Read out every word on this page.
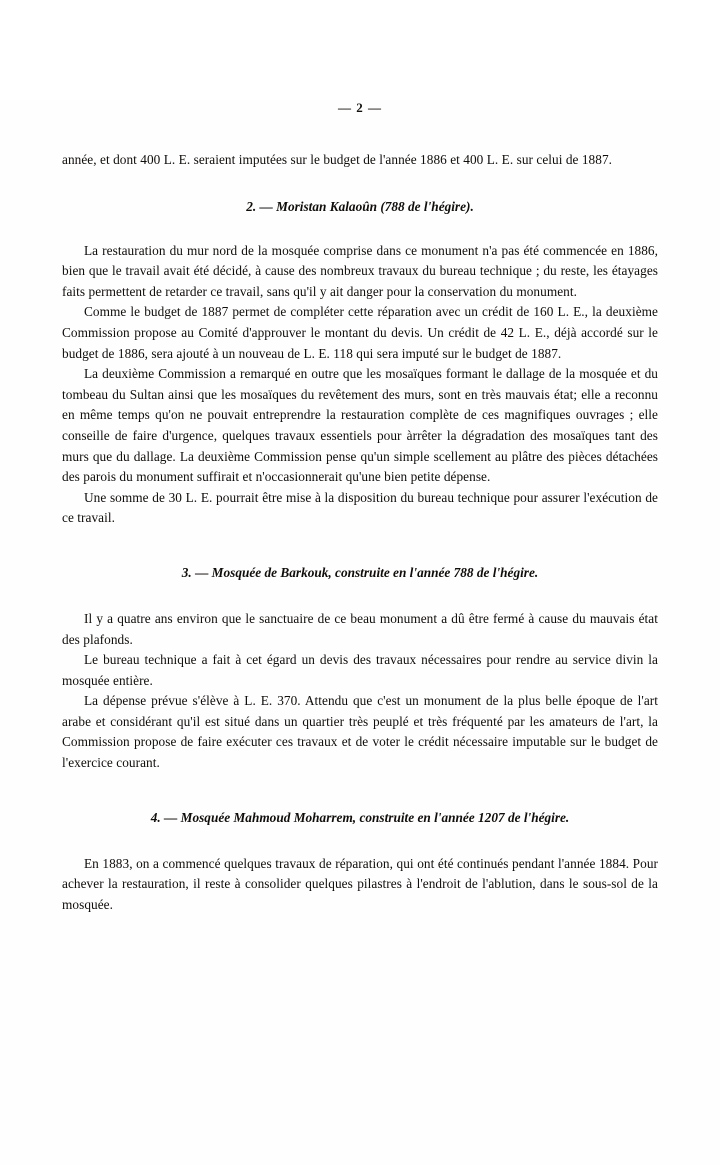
— 2 —

année, et dont 400 L. E. seraient imputées sur le budget de l'année 1886 et 400 L. E. sur celui de 1887.

2. — Moristan Kalaoûn (788 de l'hégire).

La restauration du mur nord de la mosquée comprise dans ce monument n'a pas été commencée en 1886, bien que le travail avait été décidé, à cause des nombreux travaux du bureau technique ; du reste, les étayages faits permettent de retarder ce travail, sans qu'il y ait danger pour la conservation du monument.

Comme le budget de 1887 permet de compléter cette réparation avec un crédit de 160 L. E., la deuxième Commission propose au Comité d'approuver le montant du devis. Un crédit de 42 L. E., déjà accordé sur le budget de 1886, sera ajouté à un nouveau de L. E. 118 qui sera imputé sur le budget de 1887.

La deuxième Commission a remarqué en outre que les mosaïques formant le dallage de la mosquée et du tombeau du Sultan ainsi que les mosaïques du revêtement des murs, sont en très mauvais état; elle a reconnu en même temps qu'on ne pouvait entreprendre la restauration complète de ces magnifiques ouvrages ; elle conseille de faire d'urgence, quelques travaux essentiels pour àrrêter la dégradation des mosaïques tant des murs que du dallage. La deuxième Commission pense qu'un simple scellement au plâtre des pièces détachées des parois du monument suffirait et n'occasionnerait qu'une bien petite dépense.

Une somme de 30 L. E. pourrait être mise à la disposition du bureau technique pour assurer l'exécution de ce travail.

3. — Mosquée de Barkouk, construite en l'année 788 de l'hégire.

Il y a quatre ans environ que le sanctuaire de ce beau monument a dû être fermé à cause du mauvais état des plafonds.

Le bureau technique a fait à cet égard un devis des travaux nécessaires pour rendre au service divin la mosquée entière.

La dépense prévue s'élève à L. E. 370. Attendu que c'est un monument de la plus belle époque de l'art arabe et considérant qu'il est situé dans un quartier très peuplé et très fréquenté par les amateurs de l'art, la Commission propose de faire exécuter ces travaux et de voter le crédit nécessaire imputable sur le budget de l'exercice courant.

4. — Mosquée Mahmoud Moharrem, construite en l'année 1207 de l'hégire.

En 1883, on a commencé quelques travaux de réparation, qui ont été continués pendant l'année 1884. Pour achever la restauration, il reste à consolider quelques pilastres à l'endroit de l'ablution, dans le sous-sol de la mosquée.
